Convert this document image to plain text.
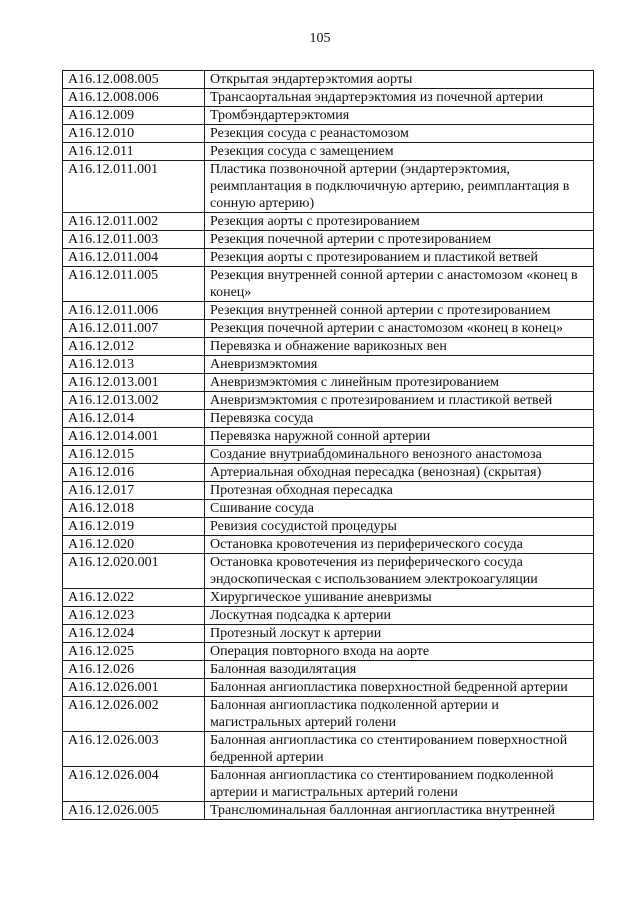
105
A16.12.008.005	Открытая эндартерэктомия аорты
A16.12.008.006	Трансаортальная эндартерэктомия из почечной артерии
A16.12.009	Тромбэндартерэктомия
A16.12.010	Резекция сосуда с реанастомозом
A16.12.011	Резекция сосуда с замещением
A16.12.011.001	Пластика позвоночной артерии (эндартерэктомия, реимплантация в подключичную артерию, реимплантация в сонную артерию)
A16.12.011.002	Резекция аорты с протезированием
A16.12.011.003	Резекция почечной артерии с протезированием
A16.12.011.004	Резекция аорты с протезированием и пластикой ветвей
A16.12.011.005	Резекция внутренней сонной артерии с анастомозом «конец в конец»
A16.12.011.006	Резекция внутренней сонной артерии с протезированием
A16.12.011.007	Резекция почечной артерии с анастомозом «конец в конец»
A16.12.012	Перевязка и обнажение варикозных вен
A16.12.013	Аневризмэктомия
A16.12.013.001	Аневризмэктомия с линейным протезированием
A16.12.013.002	Аневризмэктомия с протезированием и пластикой ветвей
A16.12.014	Перевязка сосуда
A16.12.014.001	Перевязка наружной сонной артерии
A16.12.015	Создание внутриабдоминального венозного анастомоза
A16.12.016	Артериальная обходная пересадка (венозная) (скрытая)
A16.12.017	Протезная обходная пересадка
A16.12.018	Сшивание сосуда
A16.12.019	Ревизия сосудистой процедуры
A16.12.020	Остановка кровотечения из периферического сосуда
A16.12.020.001	Остановка кровотечения из периферического сосуда эндоскопическая с использованием электрокоагуляции
A16.12.022	Хирургическое ушивание аневризмы
A16.12.023	Лоскутная подсадка к артерии
A16.12.024	Протезный лоскут к артерии
A16.12.025	Операция повторного входа на аорте
A16.12.026	Балонная вазодилятация
A16.12.026.001	Балонная ангиопластика поверхностной бедренной артерии
A16.12.026.002	Балонная ангиопластика подколенной артерии и магистральных артерий голени
A16.12.026.003	Балонная ангиопластика со стентированием поверхностной бедренной артерии
A16.12.026.004	Балонная ангиопластика со стентированием подколенной артерии и магистральных артерий голени
A16.12.026.005	Транслюминальная баллонная ангиопластика внутренней
